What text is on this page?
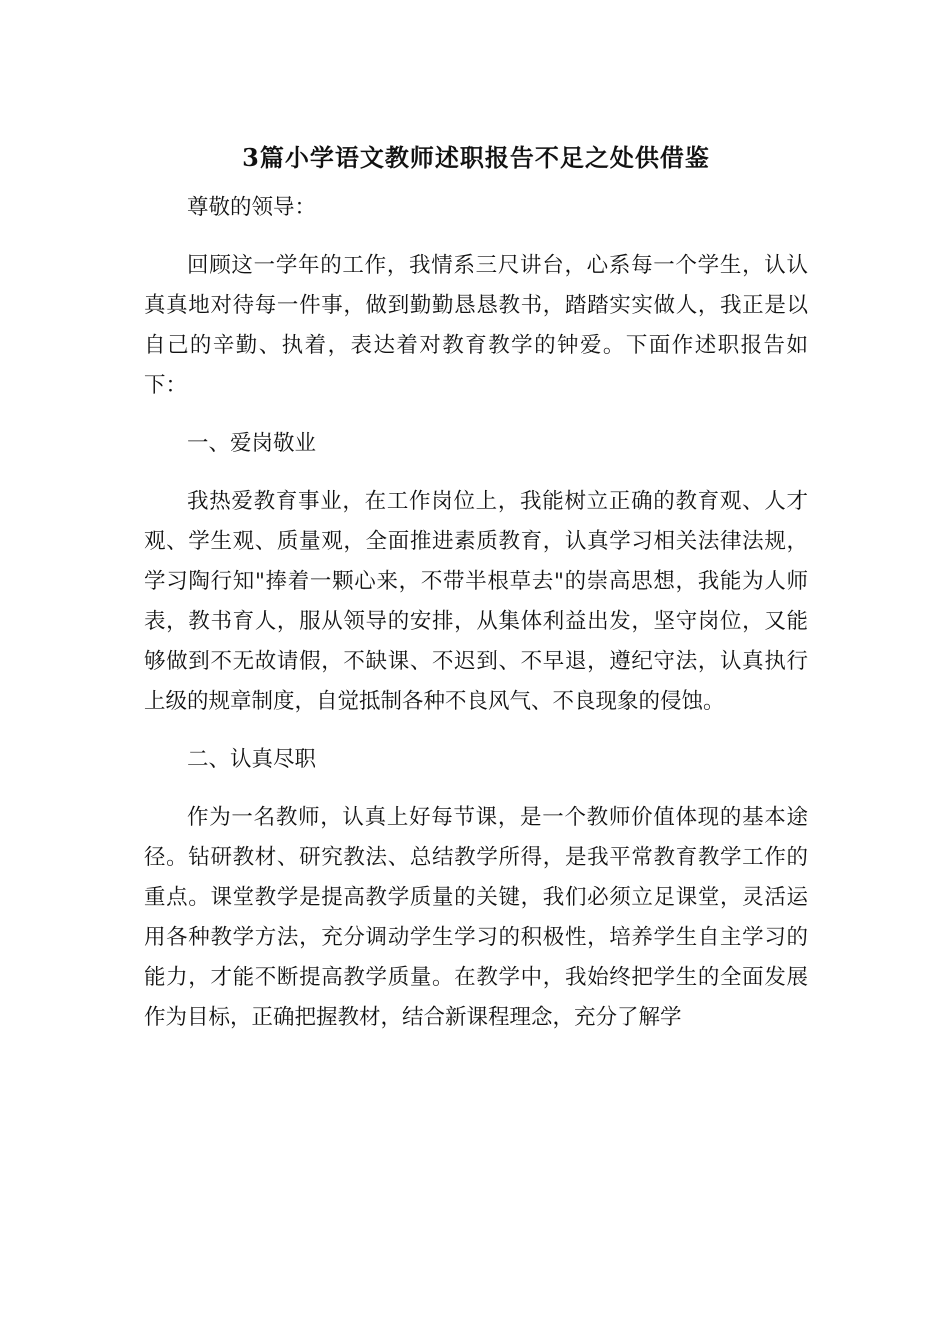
3篇小学语文教师述职报告不足之处供借鉴

尊敬的领导：

回顾这一学年的工作，我情系三尺讲台，心系每一个学生，认认真真地对待每一件事，做到勤勤恳恳教书，踏踏实实做人，我正是以自己的辛勤、执着，表达着对教育教学的钟爱。下面作述职报告如下：

一、爱岗敬业

我热爱教育事业，在工作岗位上，我能树立正确的教育观、人才观、学生观、质量观，全面推进素质教育，认真学习相关法律法规，学习陶行知"捧着一颗心来，不带半根草去"的崇高思想，我能为人师表，教书育人，服从领导的安排，从集体利益出发，坚守岗位，又能够做到不无故请假，不缺课、不迟到、不早退，遵纪守法，认真执行上级的规章制度，自觉抵制各种不良风气、不良现象的侵蚀。

二、认真尽职

作为一名教师，认真上好每节课，是一个教师价值体现的基本途径。钻研教材、研究教法、总结教学所得，是我平常教育教学工作的重点。课堂教学是提高教学质量的关键，我们必须立足课堂，灵活运用各种教学方法，充分调动学生学习的积极性，培养学生自主学习的能力，才能不断提高教学质量。在教学中，我始终把学生的全面发展作为目标，正确把握教材，结合新课程理念，充分了解学
